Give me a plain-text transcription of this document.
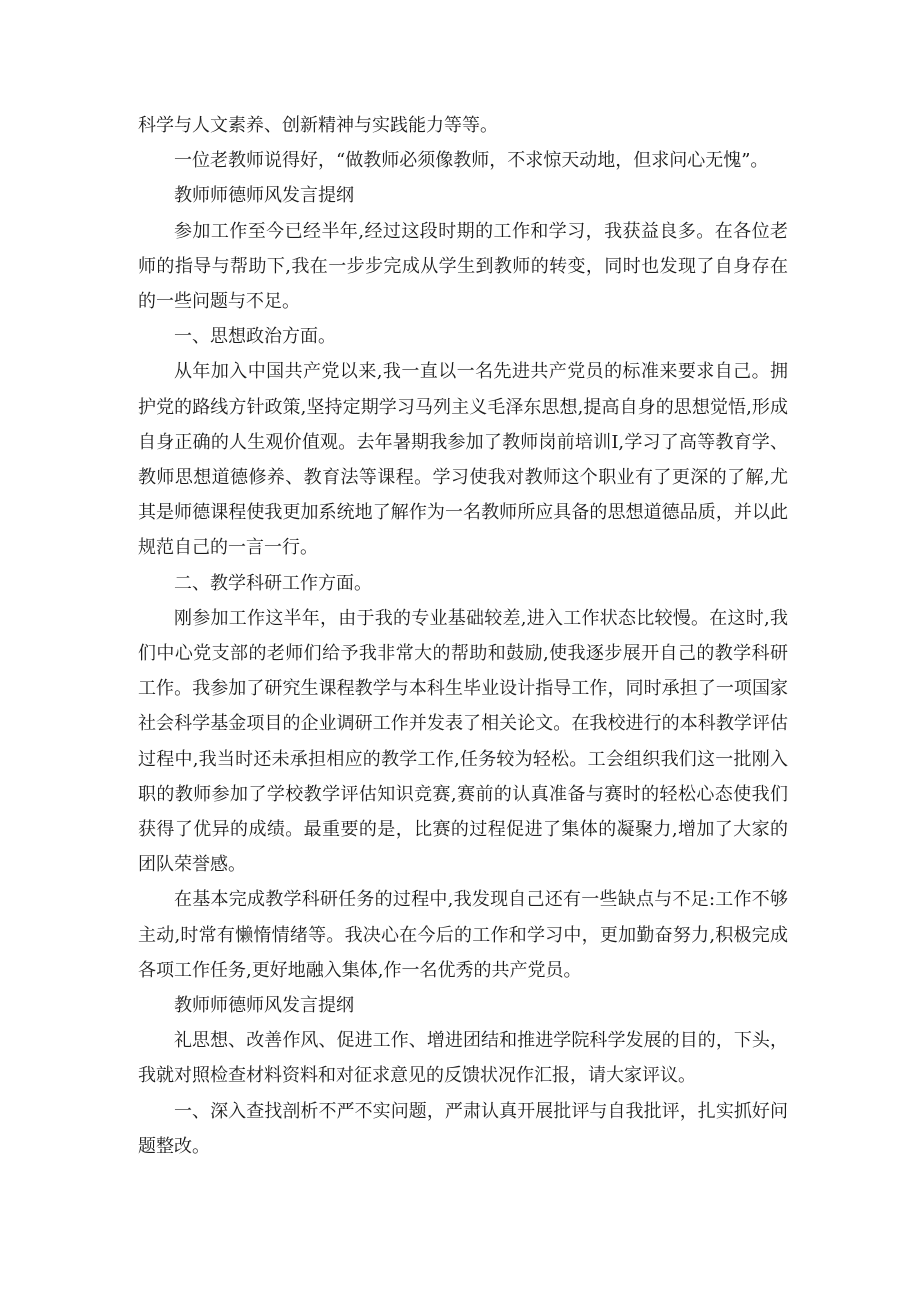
科学与人文素养、创新精神与实践能力等等。

一位老教师说得好，“做教师必须像教师，不求惊天动地，但求问心无愧”。

教师师德师风发言提纲

参加工作至今已经半年,经过这段时期的工作和学习，我获益良多。在各位老师的指导与帮助下,我在一步步完成从学生到教师的转变，同时也发现了自身存在的一些问题与不足。

一、思想政治方面。

从年加入中国共产党以来,我一直以一名先进共产党员的标准来要求自己。拥护党的路线方针政策,坚持定期学习马列主义毛泽东思想,提高自身的思想觉悟,形成自身正确的人生观价值观。去年暑期我参加了教师岗前培训I,学习了高等教育学、教师思想道德修养、教育法等课程。学习使我对教师这个职业有了更深的了解,尤其是师德课程使我更加系统地了解作为一名教师所应具备的思想道德品质，并以此规范自己的一言一行。

二、教学科研工作方面。

刚参加工作这半年，由于我的专业基础较差,进入工作状态比较慢。在这时,我们中心党支部的老师们给予我非常大的帮助和鼓励,使我逐步展开自己的教学科研工作。我参加了研究生课程教学与本科生毕业设计指导工作，同时承担了一项国家社会科学基金项目的企业调研工作并发表了相关论文。在我校进行的本科教学评估过程中,我当时还未承担相应的教学工作,任务较为轻松。工会组织我们这一批刚入职的教师参加了学校教学评估知识竞赛,赛前的认真准备与赛时的轻松心态使我们获得了优异的成绩。最重要的是，比赛的过程促进了集体的凝聚力,增加了大家的团队荣誉感。

在基本完成教学科研任务的过程中,我发现自己还有一些缺点与不足:工作不够主动,时常有懒惰情绪等。我决心在今后的工作和学习中，更加勤奋努力,积极完成各项工作任务,更好地融入集体,作一名优秀的共产党员。

教师师德师风发言提纲

礼思想、改善作风、促进工作、增进团结和推进学院科学发展的目的，下头，我就对照检查材料资料和对征求意见的反馈状况作汇报，请大家评议。

一、深入查找剖析不严不实问题，严肃认真开展批评与自我批评，扎实抓好问题整改。
